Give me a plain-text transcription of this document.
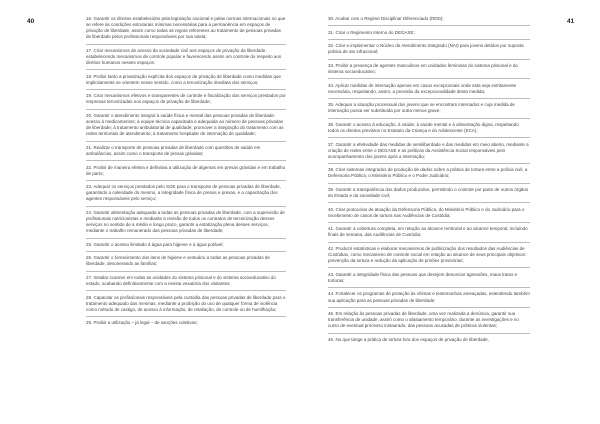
40	41

16. Garantir os direitos estabelecidos pela legislação nacional e pelas normas internacionais no que se refere às condições estruturais mínimas necessárias para a permanência em espaços de privação de liberdade, assim como todas as regras referentes ao tratamento de pessoas privadas de liberdade pelos profissionais responsáveis por sua tutela;

17. Criar mecanismos de acesso da sociedade civil aos espaços de privação da liberdade, estabelecendo mecanismos de controle popular e favorecendo assim um controle do respeito aos direitos humanos nesses espaços;

18. Proibir tanto a privatização explícita dos espaços de privação de liberdade como medidas que implicitamente se orientem nesse sentido, como a terceirização imediata dos serviços;

19. Criar mecanismos efetivos e transparentes de controle e fiscalização dos serviços prestados por empresas terceirizadas nos espaços de privação de liberdade;

20. Garantir o atendimento integral à saúde física e mental das pessoas privadas de liberdade: acesso à medicamentos; à equipe técnica capacitada e adequada ao número de pessoas privadas de liberdade; à tratamento ambulatorial de qualidade; promover a integração do tratamento com as redes territoriais de atendimento; à tratamento hospitalar de internação de qualidade;

21. Realizar o transporte de pessoas privadas de liberdade com questões de saúde em ambulâncias, assim como o transporte de presas grávidas;

22. Proibir de maneira efetiva e definitiva a utilização de algemas em presas grávidas e em trabalho de parto;

23. Adequar os serviços prestados pelo SOE para o transporte de pessoas privadas de liberdade, garantindo a celeridade do mesmo, a integridade física de presos e presas, e a capacitação dos agentes responsáveis pelo serviço;

24. Garantir alimentação adequada a todas as pessoas privadas de liberdade, com a supervisão de profissionais nutricionistas e mediante a revisão de todos os contratos de terceirização desses serviços no sentido de a médio e longo prazo, garantir a estatização plena desses serviços, mediante o trabalho remunerado das pessoas privadas de liberdade;

25. Garantir o acesso ilimitado à água para higiene e à água potável;

26. Garantir o fornecimento dos itens de higiene e vestuário a todas as pessoas privadas de liberdade, desonerando as famílias;

27. Instalar scanner em todas as unidades do sistema prisional e do sistema socioeducativo do estado, acabando definitivamente com a revista vexatória dos visitantes;

28. Capacitar os profissionais responsáveis pela custódia das pessoas privadas de liberdade para o tratamento adequado das mesmas, mediante a proibição do uso de qualquer forma de violência como método de castigo, de acesso à informação, de retaliação, de controle ou de humilhação;

29. Proibir a utilização – já legal – de sanções coletivas;

30. Acabar com o Regime Disciplinar Diferenciado (RDD);

31. Criar o Regimento Interno do DEGASE;

32. Criar e implementar o Núcleo de Atendimento Integrado (NAI) para jovens detidos por suposta prática de ato infracional;

33. Proibir a presença de agentes masculinos em unidades femininas do sistema prisional e do sistema socioeducativo;

34. Aplicar medidas de internação apenas em casos excepcionais onde esta seja estritamente necessária, respeitando, assim, a previsão da excepcionalidade desta medida;

35. Adequar a situação processual dos jovens que se encontram internados e cuja medida de internação possa ser substituída por outra menos grave;

36. Garantir o acesso à educação, à saúde, à saúde mental e à alimentação digna, respeitando todos os direitos previstos no Estatuto da Criança e do Adolescente (ECA);

37. Garantir a efetividade das medidas de semiliberdade e das medidas em meio aberto, mediante a criação de redes entre o DEGASE e as políticas da Assistência Social responsáveis pelo acompanhamento dos jovens após a internação;

38. Criar sistemas integrados de produção de dados sobre a prática de tortura entre a polícia civil, a Defensoria Pública, o Ministério Público e o Poder Judiciário;

39. Garantir a transparência dos dados produzidos, permitindo o controle por parte de outros órgãos do Estado e da sociedade civil;

40. Criar protocolos de atuação da Defensoria Pública, do Ministério Público e do Judiciário para o recebimento de casos de tortura nas Audiências de Custódia;

41. Garantir a cobertura completa, em relação ao alcance territorial e ao alcance temporal, incluindo finais de semana, das Audiências de Custódia;

42. Produzir estatísticas e elaborar mecanismos de publicização dos resultados das Audiências de Custódias, como mecanismo de controle social em relação ao alcance de seus principais objetivos: prevenção da tortura e redução da aplicação de prisões provisórias;

43. Garantir a integridade física das pessoas que desejem denunciar agressões, maus tratos e torturas;

44. Fortalecer os programas de proteção às vítimas e testemunhas ameaçadas, estendendo também sua aplicação para as pessoas privadas de liberdade;

45. Em relação às pessoas privadas de liberdade, uma vez realizada a denúncia, garantir sua transferência de unidade, assim como o afastamento temporário, durante as investigações e no curso de eventual processo instaurado, das pessoas acusadas de práticas violentas;

46. No que tange a prática de tortura fora dos espaços de privação de liberdade,
